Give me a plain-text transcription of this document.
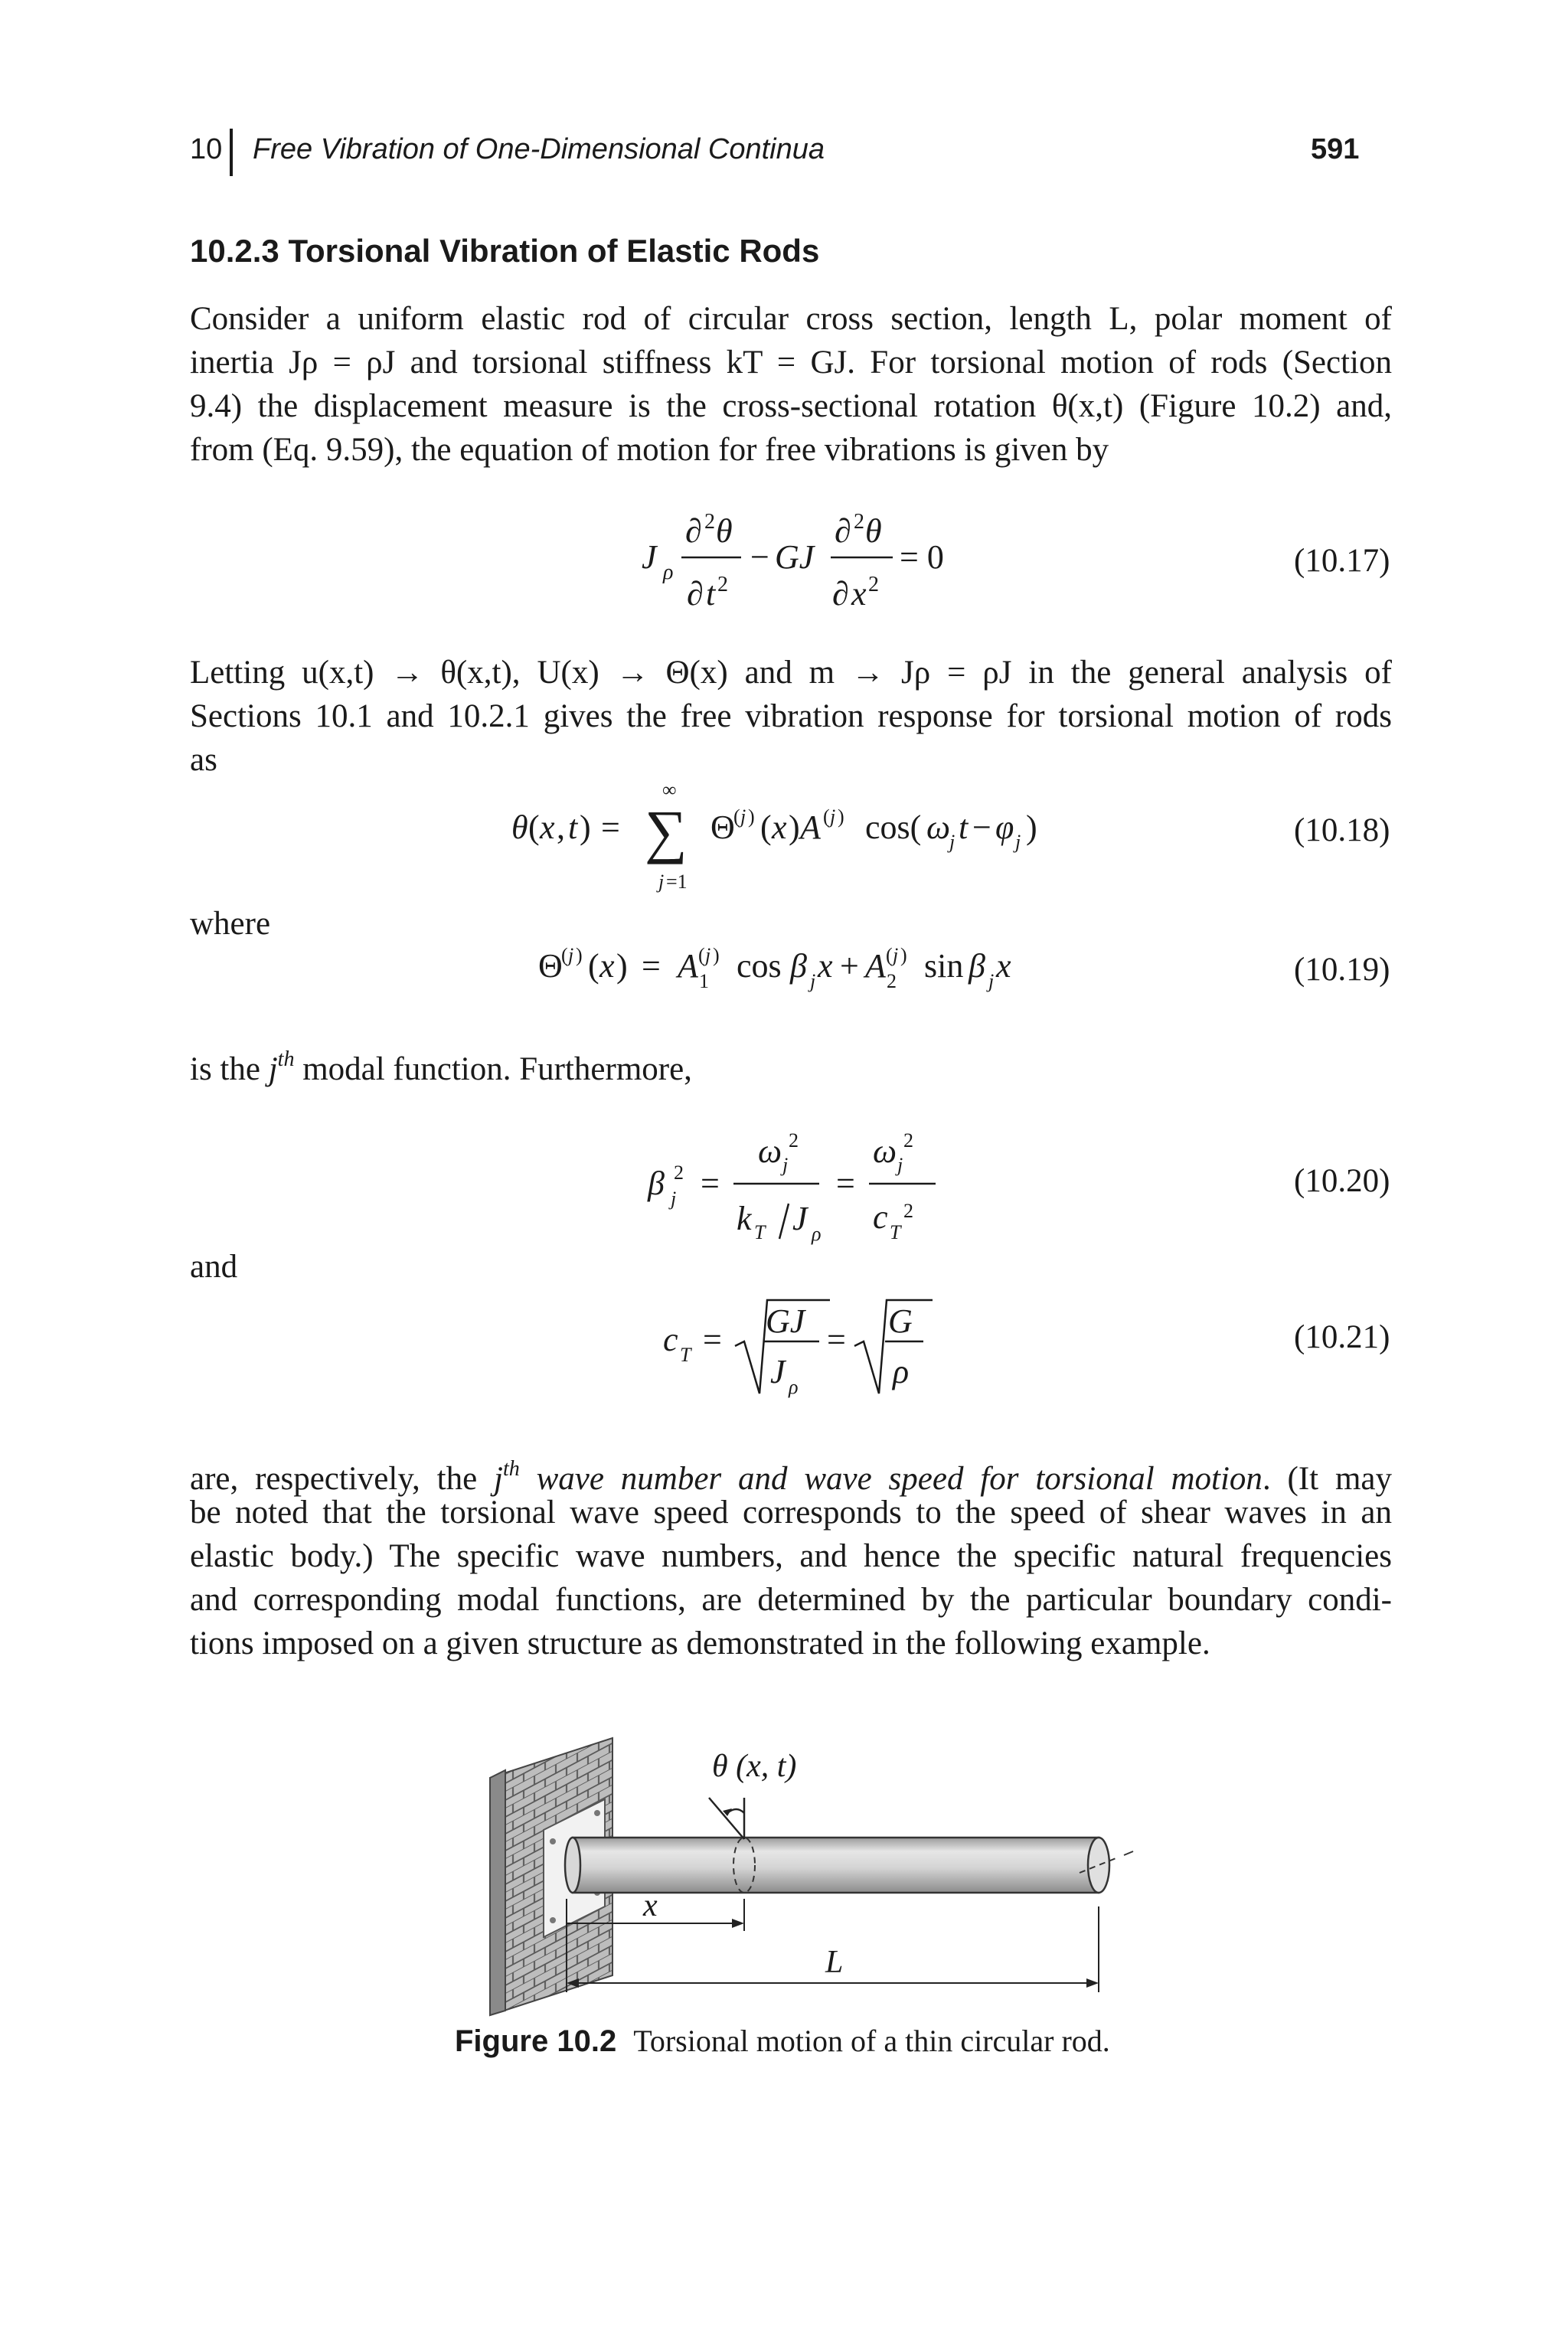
10 Free Vibration of One-Dimensional Continua	591
10.2.3 Torsional Vibration of Elastic Rods
Consider a uniform elastic rod of circular cross section, length L, polar moment of
inertia Jρ = ρJ and torsional stiffness kT = GJ. For torsional motion of rods (Section
9.4) the displacement measure is the cross-sectional rotation θ(x,t) (Figure 10.2) and,
from (Eq. 9.59), the equation of motion for free vibrations is given by
J ρ
∂ 2 θ
∂ t 2
− GJ
∂ 2 θ
∂ x 2
= 0	(10.17)
Letting u(x,t) → θ(x,t), U(x) → Θ(x) and m → Jρ = ρJ in the general analysis of
Sections 10.1 and 10.2.1 gives the free vibration response for torsional motion of rods
as
θ ( x , t ) =
∞
∑
j =1
Θ
( j ) ( x ) A ( j ) cos( ω
j t − φ j )	(10.18)
where
Θ
( j ) ( x ) = A ( j )
1 cos β j x + A ( j )
2 sin β j x	(10.19)
is the $j^{th}$ modal function. Furthermore,
β 2
j =
ω 2
j
k T J ρ
=
ω 2
j
c T
2
(10.20)
and
c T = GJ
J ρ
= G
ρ
(10.21)
are, respectively, the $j^{th}$ wave number and wave speed for torsional motion. (It may
be noted that the torsional wave speed corresponds to the speed of shear waves in an
elastic body.) The specific wave numbers, and hence the specific natural frequencies
and corresponding modal functions, are determined by the particular boundary condi-
tions imposed on a given structure as demonstrated in the following example.
θ (x, t)
x
L
Figure 10.2 Torsional motion of a thin circular rod.
